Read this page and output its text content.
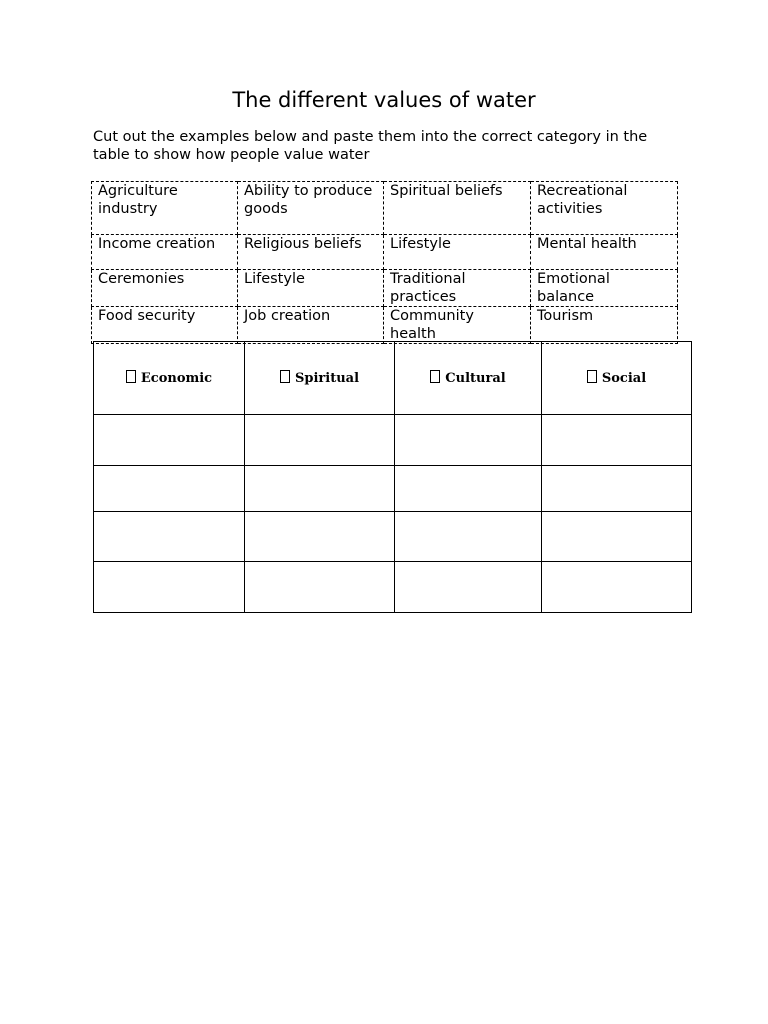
The different values of water

Cut out the examples below and paste them into the correct category in the table to show how people value water

Agriculture industry	Ability to produce goods	Spiritual beliefs	Recreational activities
Income creation	Religious beliefs	Lifestyle	Mental health
Ceremonies	Lifestyle	Traditional practices	Emotional balance
Food security	Job creation	Community health	Tourism
Economic	Spiritual	Cultural	Social
